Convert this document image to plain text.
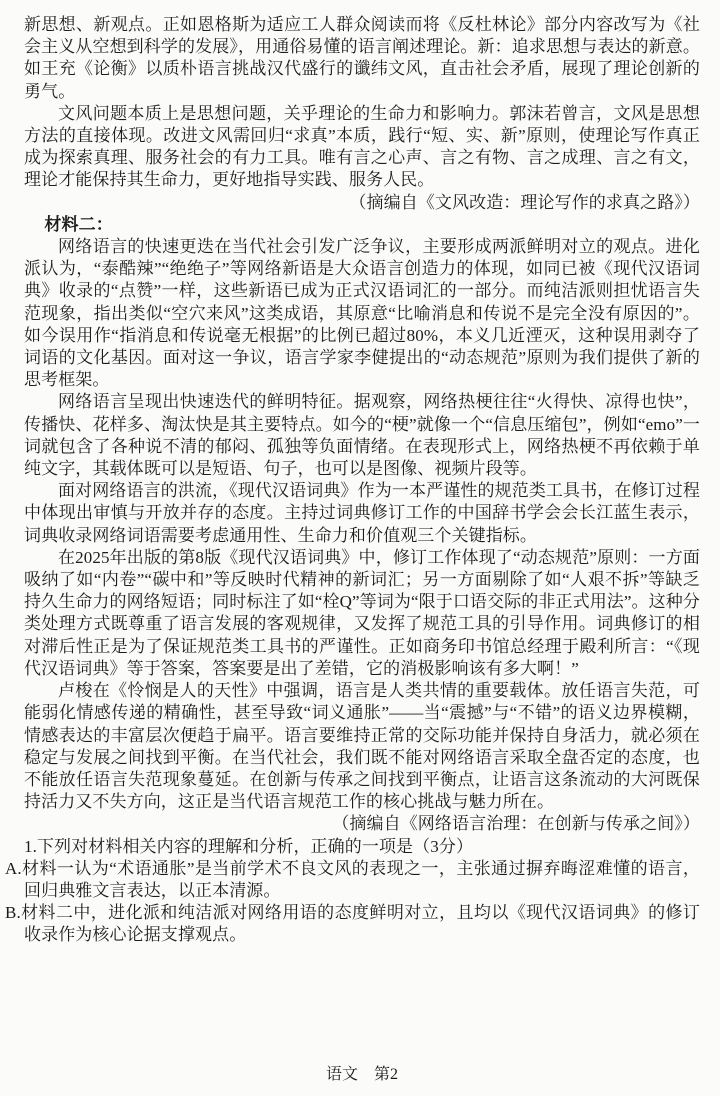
新思想、新观点。正如恩格斯为适应工人群众阅读而将《反杜林论》部分内容改写为《社会主义从空想到科学的发展》，用通俗易懂的语言阐述理论。新：追求思想与表达的新意。如王充《论衡》以质朴语言挑战汉代盛行的谶纬文风，直击社会矛盾，展现了理论创新的勇气。

文风问题本质上是思想问题，关乎理论的生命力和影响力。郭沫若曾言，文风是思想方法的直接体现。改进文风需回归“求真”本质，践行“短、实、新”原则，使理论写作真正成为探索真理、服务社会的有力工具。唯有言之心声、言之有物、言之成理、言之有文，理论才能保持其生命力，更好地指导实践、服务人民。

（摘编自《文风改造：理论写作的求真之路》）

材料二：

网络语言的快速更迭在当代社会引发广泛争议，主要形成两派鲜明对立的观点。进化派认为，“泰酷辣”“绝绝子”等网络新语是大众语言创造力的体现，如同已被《现代汉语词典》收录的“点赞”一样，这些新语已成为正式汉语词汇的一部分。而纯洁派则担忧语言失范现象，指出类似“空穴来风”这类成语，其原意“比喻消息和传说不是完全没有原因的”。如今误用作“指消息和传说毫无根据”的比例已超过80%，本义几近湮灭，这种误用剥夺了词语的文化基因。面对这一争议，语言学家李健提出的“动态规范”原则为我们提供了新的思考框架。

网络语言呈现出快速迭代的鲜明特征。据观察，网络热梗往往“火得快、凉得也快”，传播快、花样多、淘汰快是其主要特点。如今的“梗”就像一个“信息压缩包”，例如“emo”一词就包含了各种说不清的郁闷、孤独等负面情绪。在表现形式上，网络热梗不再依赖于单纯文字，其载体既可以是短语、句子，也可以是图像、视频片段等。

面对网络语言的洪流，《现代汉语词典》作为一本严谨性的规范类工具书，在修订过程中体现出审慎与开放并存的态度。主持过词典修订工作的中国辞书学会会长江蓝生表示，词典收录网络词语需要考虑通用性、生命力和价值观三个关键指标。

在2025年出版的第8版《现代汉语词典》中，修订工作体现了“动态规范”原则：一方面吸纳了如“内卷”“碳中和”等反映时代精神的新词汇；另一方面剔除了如“人艰不拆”等缺乏持久生命力的网络短语；同时标注了如“栓Q”等词为“限于口语交际的非正式用法”。这种分类处理方式既尊重了语言发展的客观规律，又发挥了规范工具的引导作用。词典修订的相对滞后性正是为了保证规范类工具书的严谨性。正如商务印书馆总经理于殿利所言：“《现代汉语词典》等于答案，答案要是出了差错，它的消极影响该有多大啊！”

卢梭在《怜悯是人的天性》中强调，语言是人类共情的重要载体。放任语言失范，可能弱化情感传递的精确性，甚至导致“词义通胀”——当“震撼”与“不错”的语义边界模糊，情感表达的丰富层次便趋于扁平。语言要维持正常的交际功能并保持自身活力，就必须在稳定与发展之间找到平衡。在当代社会，我们既不能对网络语言采取全盘否定的态度，也不能放任语言失范现象蔓延。在创新与传承之间找到平衡点，让语言这条流动的大河既保持活力又不失方向，这正是当代语言规范工作的核心挑战与魅力所在。

（摘编自《网络语言治理：在创新与传承之间》）

1.下列对材料相关内容的理解和分析，正确的一项是（3分）

A.材料一认为“术语通胀”是当前学术不良文风的表现之一，主张通过摒弃晦涩难懂的语言，回归典雅文言表达，以正本清源。

B.材料二中，进化派和纯洁派对网络用语的态度鲜明对立，且均以《现代汉语词典》的修订收录作为核心论据支撑观点。

语文　第2
